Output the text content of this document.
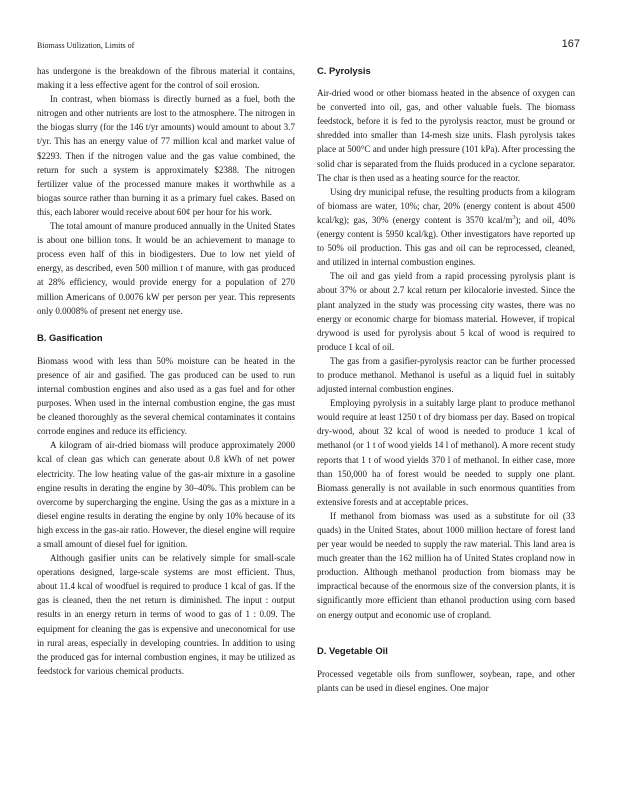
Biomass Utilization, Limits of	167

has undergone is the breakdown of the fibrous material it contains, making it a less effective agent for the control of soil erosion.

In contrast, when biomass is directly burned as a fuel, both the nitrogen and other nutrients are lost to the atmosphere. The nitrogen in the biogas slurry (for the 146 t/yr amounts) would amount to about 3.7 t/yr. This has an energy value of 77 million kcal and market value of $2293. Then if the nitrogen value and the gas value combined, the return for such a system is approximately $2388. The nitrogen fertilizer value of the processed manure makes it worthwhile as a biogas source rather than burning it as a primary fuel cakes. Based on this, each laborer would receive about 60¢ per hour for his work.

The total amount of manure produced annually in the United States is about one billion tons. It would be an achievement to manage to process even half of this in biodigesters. Due to low net yield of energy, as described, even 500 million t of manure, with gas produced at 28% efficiency, would provide energy for a population of 270 million Americans of 0.0076 kW per person per year. This represents only 0.0008% of present net energy use.

B. Gasification

Biomass wood with less than 50% moisture can be heated in the presence of air and gasified. The gas produced can be used to run internal combustion engines and also used as a gas fuel and for other purposes. When used in the internal combustion engine, the gas must be cleaned thoroughly as the several chemical contaminates it contains corrode engines and reduce its efficiency.

A kilogram of air-dried biomass will produce approximately 2000 kcal of clean gas which can generate about 0.8 kWh of net power electricity. The low heating value of the gas-air mixture in a gasoline engine results in derating the engine by 30–40%. This problem can be overcome by supercharging the engine. Using the gas as a mixture in a diesel engine results in derating the engine by only 10% because of its high excess in the gas-air ratio. However, the diesel engine will require a small amount of diesel fuel for ignition.

Although gasifier units can be relatively simple for small-scale operations designed, large-scale systems are most efficient. Thus, about 11.4 kcal of woodfuel is required to produce 1 kcal of gas. If the gas is cleaned, then the net return is diminished. The input : output results in an energy return in terms of wood to gas of 1 : 0.09. The equipment for cleaning the gas is expensive and uneconomical for use in rural areas, especially in developing countries. In addition to using the produced gas for internal combustion engines, it may be utilized as feedstock for various chemical products.

C. Pyrolysis

Air-dried wood or other biomass heated in the absence of oxygen can be converted into oil, gas, and other valuable fuels. The biomass feedstock, before it is fed to the pyrolysis reactor, must be ground or shredded into smaller than 14-mesh size units. Flash pyrolysis takes place at 500°C and under high pressure (101 kPa). After processing the solid char is separated from the fluids produced in a cyclone separator. The char is then used as a heating source for the reactor.

Using dry municipal refuse, the resulting products from a kilogram of biomass are water, 10%; char, 20% (energy content is about 4500 kcal/kg); gas, 30% (energy content is 3570 kcal/$m^3$); and oil, 40% (energy content is 5950 kcal/kg). Other investigators have reported up to 50% oil production. This gas and oil can be reprocessed, cleaned, and utilized in internal combustion engines.

The oil and gas yield from a rapid processing pyrolysis plant is about 37% or about 2.7 kcal return per kilocalorie invested. Since the plant analyzed in the study was processing city wastes, there was no energy or economic charge for biomass material. However, if tropical drywood is used for pyrolysis about 5 kcal of wood is required to produce 1 kcal of oil.

The gas from a gasifier-pyrolysis reactor can be further processed to produce methanol. Methanol is useful as a liquid fuel in suitably adjusted internal combustion engines.

Employing pyrolysis in a suitably large plant to produce methanol would require at least 1250 t of dry biomass per day. Based on tropical dry-wood, about 32 kcal of wood is needed to produce 1 kcal of methanol (or 1 t of wood yields 14 l of methanol). A more recent study reports that 1 t of wood yields 370 l of methanol. In either case, more than 150,000 ha of forest would be needed to supply one plant. Biomass generally is not available in such enormous quantities from extensive forests and at acceptable prices.

If methanol from biomass was used as a substitute for oil (33 quads) in the United States, about 1000 million hectare of forest land per year would be needed to supply the raw material. This land area is much greater than the 162 million ha of United States cropland now in production. Although methanol production from biomass may be impractical because of the enormous size of the conversion plants, it is significantly more efficient than ethanol production using corn based on energy output and economic use of cropland.

D. Vegetable Oil

Processed vegetable oils from sunflower, soybean, rape, and other plants can be used in diesel engines. One major
